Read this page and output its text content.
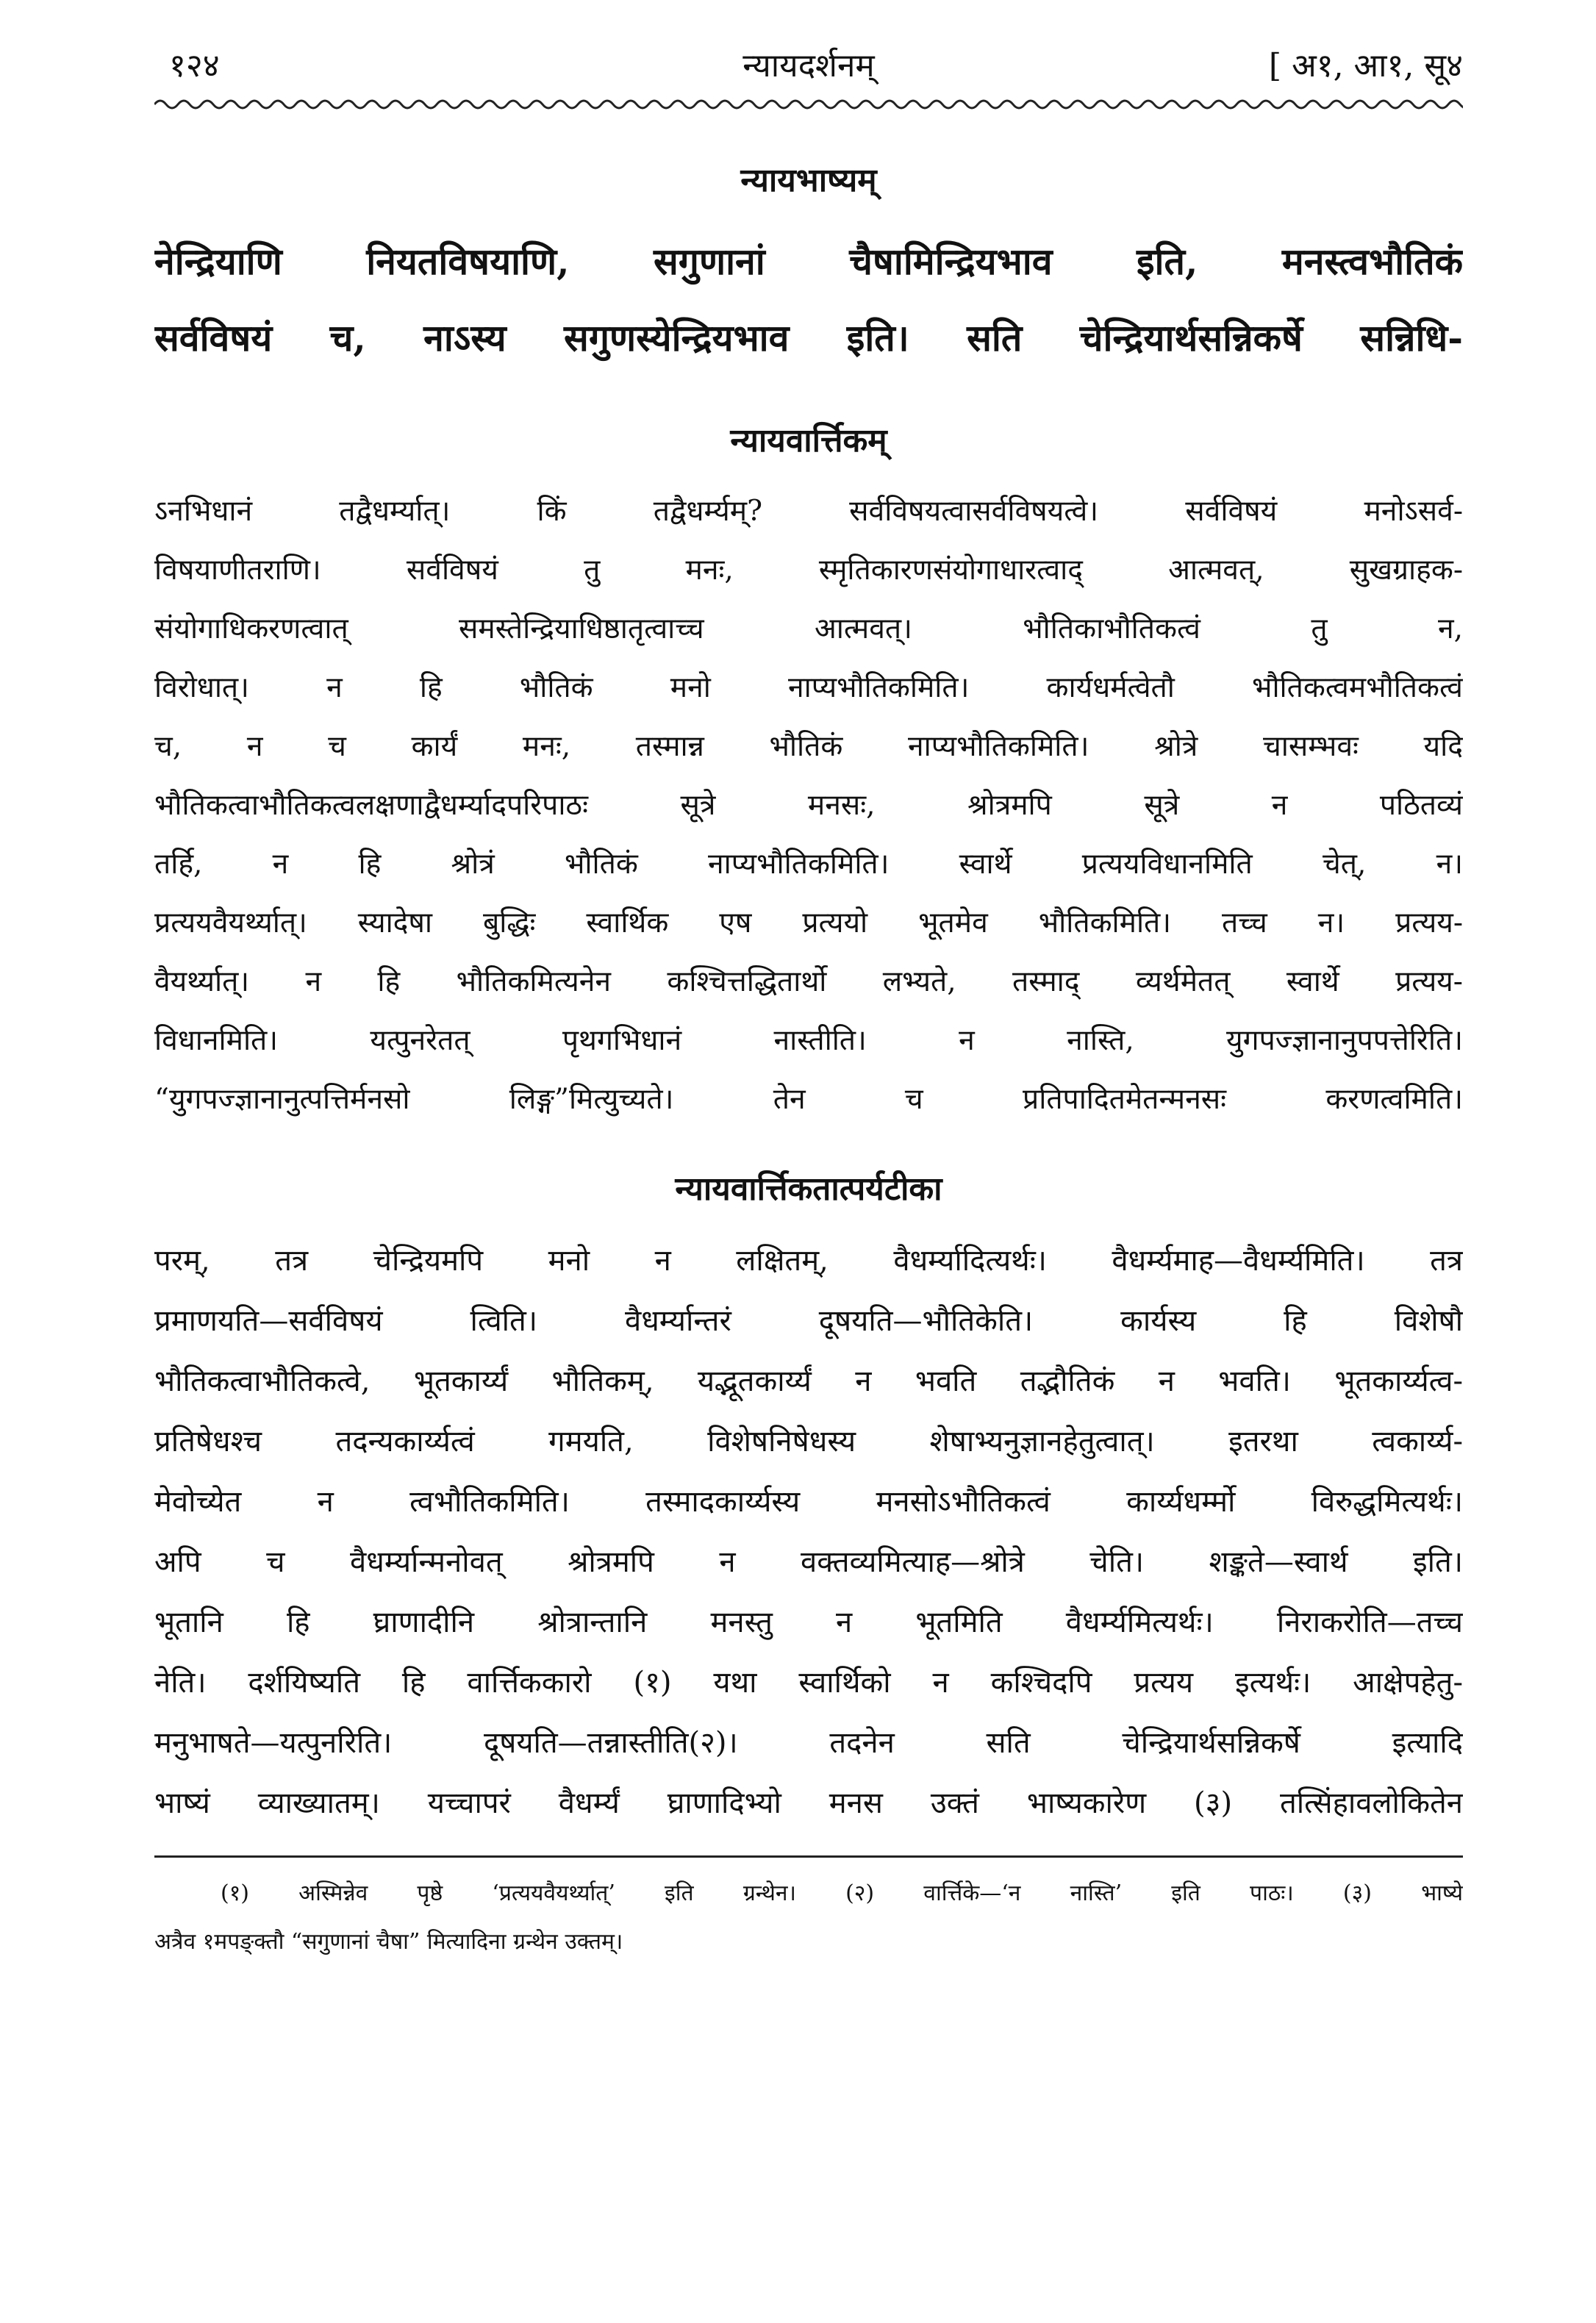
१२४	न्यायदर्शनम्	[ अ१, आ१, सू४
न्यायभाष्यम्
नेन्द्रियाणि नियतविषयाणि, सगुणानां चैषामिन्द्रियभाव इति, मनस्त्वभौतिकं
सर्वविषयं च, नाऽस्य सगुणस्येन्द्रियभाव इति। सति चेन्द्रियार्थसन्निकर्षे सन्निधि-
न्यायवार्त्तिकम्
ऽनभिधानं तद्वैधर्म्यात्। किं तद्वैधर्म्यम्? सर्वविषयत्वासर्वविषयत्वे। सर्वविषयं मनोऽसर्व-
विषयाणीतराणि। सर्वविषयं तु मनः, स्मृतिकारणसंयोगाधारत्वाद् आत्मवत्, सुखग्राहक-
संयोगाधिकरणत्वात् समस्तेन्द्रियाधिष्ठातृत्वाच्च आत्मवत्। भौतिकाभौतिकत्वं तु न,
विरोधात्। न हि भौतिकं मनो नाप्यभौतिकमिति। कार्यधर्मत्वेतौ भौतिकत्वमभौतिकत्वं
च, न च कार्यं मनः, तस्मान्न भौतिकं नाप्यभौतिकमिति। श्रोत्रे चासम्भवः यदि
भौतिकत्वाभौतिकत्वलक्षणाद्वैधर्म्यादपरिपाठः सूत्रे मनसः, श्रोत्रमपि सूत्रे न पठितव्यं
तर्हि, न हि श्रोत्रं भौतिकं नाप्यभौतिकमिति। स्वार्थे प्रत्ययविधानमिति चेत्, न।
प्रत्ययवैयर्थ्यात्। स्यादेषा बुद्धिः स्वार्थिक एष प्रत्ययो भूतमेव भौतिकमिति। तच्च न। प्रत्यय-
वैयर्थ्यात्। न हि भौतिकमित्यनेन कश्चित्तद्धितार्थो लभ्यते, तस्माद् व्यर्थमेतत् स्वार्थे प्रत्यय-
विधानमिति। यत्पुनरेतत् पृथगभिधानं नास्तीति। न नास्ति, युगपज्ज्ञानानुपपत्तेरिति।
“युगपज्ज्ञानानुत्पत्तिर्मनसो लिङ्ग”मित्युच्यते। तेन च प्रतिपादितमेतन्मनसः करणत्वमिति।
न्यायवार्त्तिकतात्पर्यटीका
परम्, तत्र चेन्द्रियमपि मनो न लक्षितम्, वैधर्म्यादित्यर्थः। वैधर्म्यमाह—वैधर्म्यमिति। तत्र
प्रमाणयति—सर्वविषयं त्विति। वैधर्म्यान्तरं दूषयति—भौतिकेति। कार्यस्य हि विशेषौ
भौतिकत्वाभौतिकत्वे, भूतकार्य्यं भौतिकम्, यद्भूतकार्य्यं न भवति तद्भौतिकं न भवति। भूतकार्य्यत्व-
प्रतिषेधश्च तदन्यकार्य्यत्वं गमयति, विशेषनिषेधस्य शेषाभ्यनुज्ञानहेतुत्वात्। इतरथा त्वकार्य्य-
मेवोच्येत न त्वभौतिकमिति। तस्मादकार्य्यस्य मनसोऽभौतिकत्वं कार्य्यधर्म्मो विरुद्धमित्यर्थः।
अपि च वैधर्म्यान्मनोवत् श्रोत्रमपि न वक्तव्यमित्याह—श्रोत्रे चेति। शङ्कते—स्वार्थ इति।
भूतानि हि घ्राणादीनि श्रोत्रान्तानि मनस्तु न भूतमिति वैधर्म्यमित्यर्थः। निराकरोति—तच्च
नेति। दर्शयिष्यति हि वार्त्तिककारो (१) यथा स्वार्थिको न कश्चिदपि प्रत्यय इत्यर्थः। आक्षेपहेतु-
मनुभाषते—यत्पुनरिति। दूषयति—तन्नास्तीति(२)। तदनेन सति चेन्द्रियार्थसन्निकर्षे इत्यादि
भाष्यं व्याख्यातम्। यच्चापरं वैधर्म्यं घ्राणादिभ्यो मनस उक्तं भाष्यकारेण (३) तत्सिंहावलोकितेन
(१) अस्मिन्नेव पृष्ठे ‘प्रत्ययवैयर्थ्यात्’ इति ग्रन्थेन। (२) वार्त्तिके—‘न नास्ति’ इति पाठः। (३) भाष्ये
अत्रैव १मपङ्क्तौ “सगुणानां चैषा” मित्यादिना ग्रन्थेन उक्तम्।
